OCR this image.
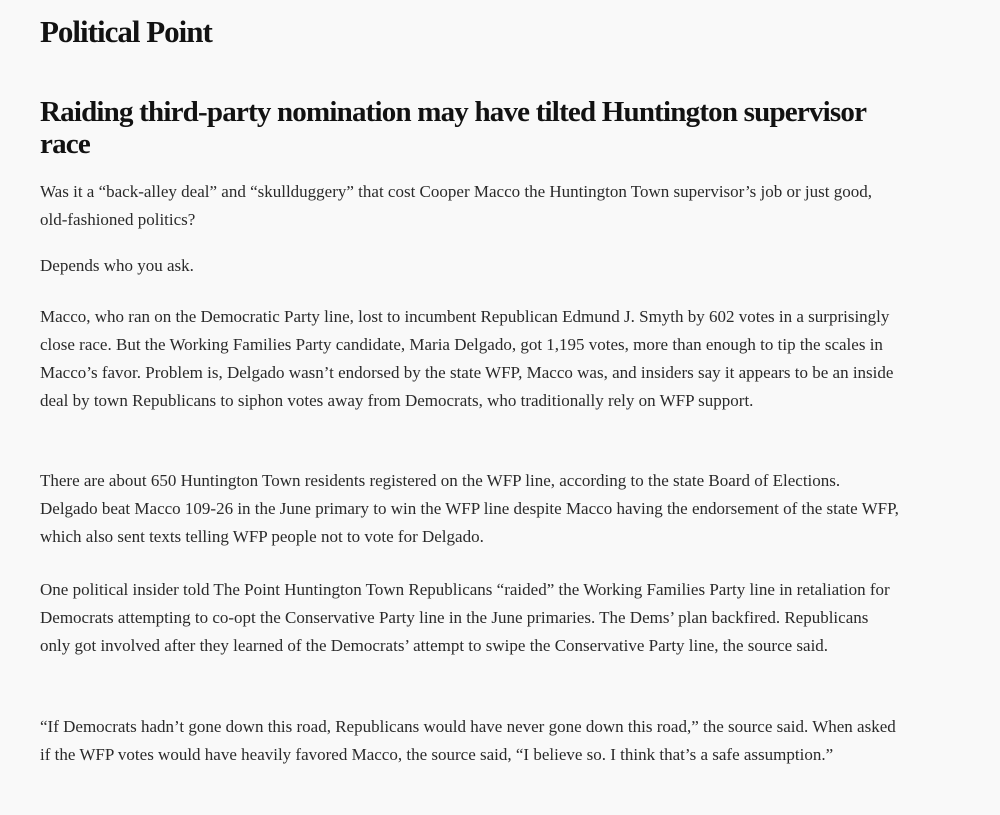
Political Point
Raiding third-party nomination may have tilted Huntington supervisor race

Was it a “back-alley deal” and “skullduggery” that cost Cooper Macco the Huntington Town supervisor’s job or just good, old-fashioned politics?

Depends who you ask.

Macco, who ran on the Democratic Party line, lost to incumbent Republican Edmund J. Smyth by 602 votes in a surprisingly close race. But the Working Families Party candidate, Maria Delgado, got 1,195 votes, more than enough to tip the scales in Macco’s favor. Problem is, Delgado wasn’t endorsed by the state WFP, Macco was, and insiders say it appears to be an inside deal by town Republicans to siphon votes away from Democrats, who traditionally rely on WFP support.

There are about 650 Huntington Town residents registered on the WFP line, according to the state Board of Elections. Delgado beat Macco 109-26 in the June primary to win the WFP line despite Macco having the endorsement of the state WFP, which also sent texts telling WFP people not to vote for Delgado.

One political insider told The Point Huntington Town Republicans “raided” the Working Families Party line in retaliation for Democrats attempting to co-opt the Conservative Party line in the June primaries. The Dems’ plan backfired. Republicans only got involved after they learned of the Democrats’ attempt to swipe the Conservative Party line, the source said.

“If Democrats hadn’t gone down this road, Republicans would have never gone down this road,” the source said. When asked if the WFP votes would have heavily favored Macco, the source said, “I believe so. I think that’s a safe assumption.”
